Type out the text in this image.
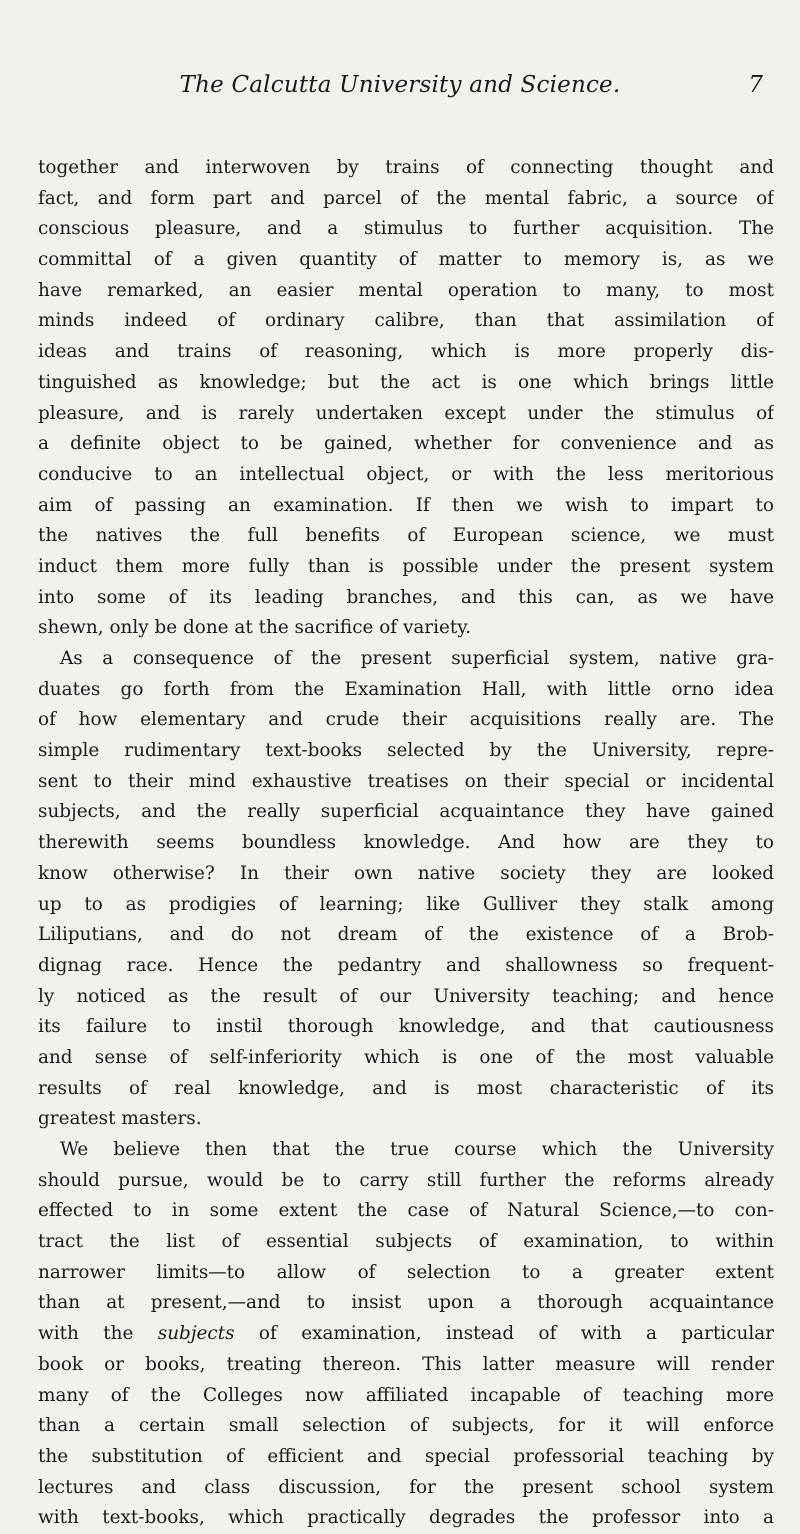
The Calcutta University and Science.	7
together and interwoven by trains of connecting thought and
fact, and form part and parcel of the mental fabric, a source of
conscious pleasure, and a stimulus to further acquisition. The
committal of a given quantity of matter to memory is, as we
have remarked, an easier mental operation to many, to most
minds indeed of ordinary calibre, than that assimilation of
ideas and trains of reasoning, which is more properly dis-
tinguished as knowledge; but the act is one which brings little
pleasure, and is rarely undertaken except under the stimulus of
a definite object to be gained, whether for convenience and as
conducive to an intellectual object, or with the less meritorious
aim of passing an examination. If then we wish to impart to
the natives the full benefits of European science, we must
induct them more fully than is possible under the present system
into some of its leading branches, and this can, as we have
shewn, only be done at the sacrifice of variety.
As a consequence of the present superficial system, native gra-
duates go forth from the Examination Hall, with little orno idea
of how elementary and crude their acquisitions really are. The
simple rudimentary text-books selected by the University, repre-
sent to their mind exhaustive treatises on their special or incidental
subjects, and the really superficial acquaintance they have gained
therewith seems boundless knowledge. And how are they to
know otherwise? In their own native society they are looked
up to as prodigies of learning; like Gulliver they stalk among
Liliputians, and do not dream of the existence of a Brob-
dignag race. Hence the pedantry and shallowness so frequent-
ly noticed as the result of our University teaching; and hence
its failure to instil thorough knowledge, and that cautiousness
and sense of self-inferiority which is one of the most valuable
results of real knowledge, and is most characteristic of its
greatest masters.
We believe then that the true course which the University
should pursue, would be to carry still further the reforms already
effected to in some extent the case of Natural Science,—to con-
tract the list of essential subjects of examination, to within
narrower limits—to allow of selection to a greater extent
than at present,—and to insist upon a thorough acquaintance
with the subjects of examination, instead of with a particular
book or books, treating thereon. This latter measure will render
many of the Colleges now affiliated incapable of teaching more
than a certain small selection of subjects, for it will enforce
the substitution of efficient and special professorial teaching by
lectures and class discussion, for the present school system
with text-books, which practically degrades the professor into a
